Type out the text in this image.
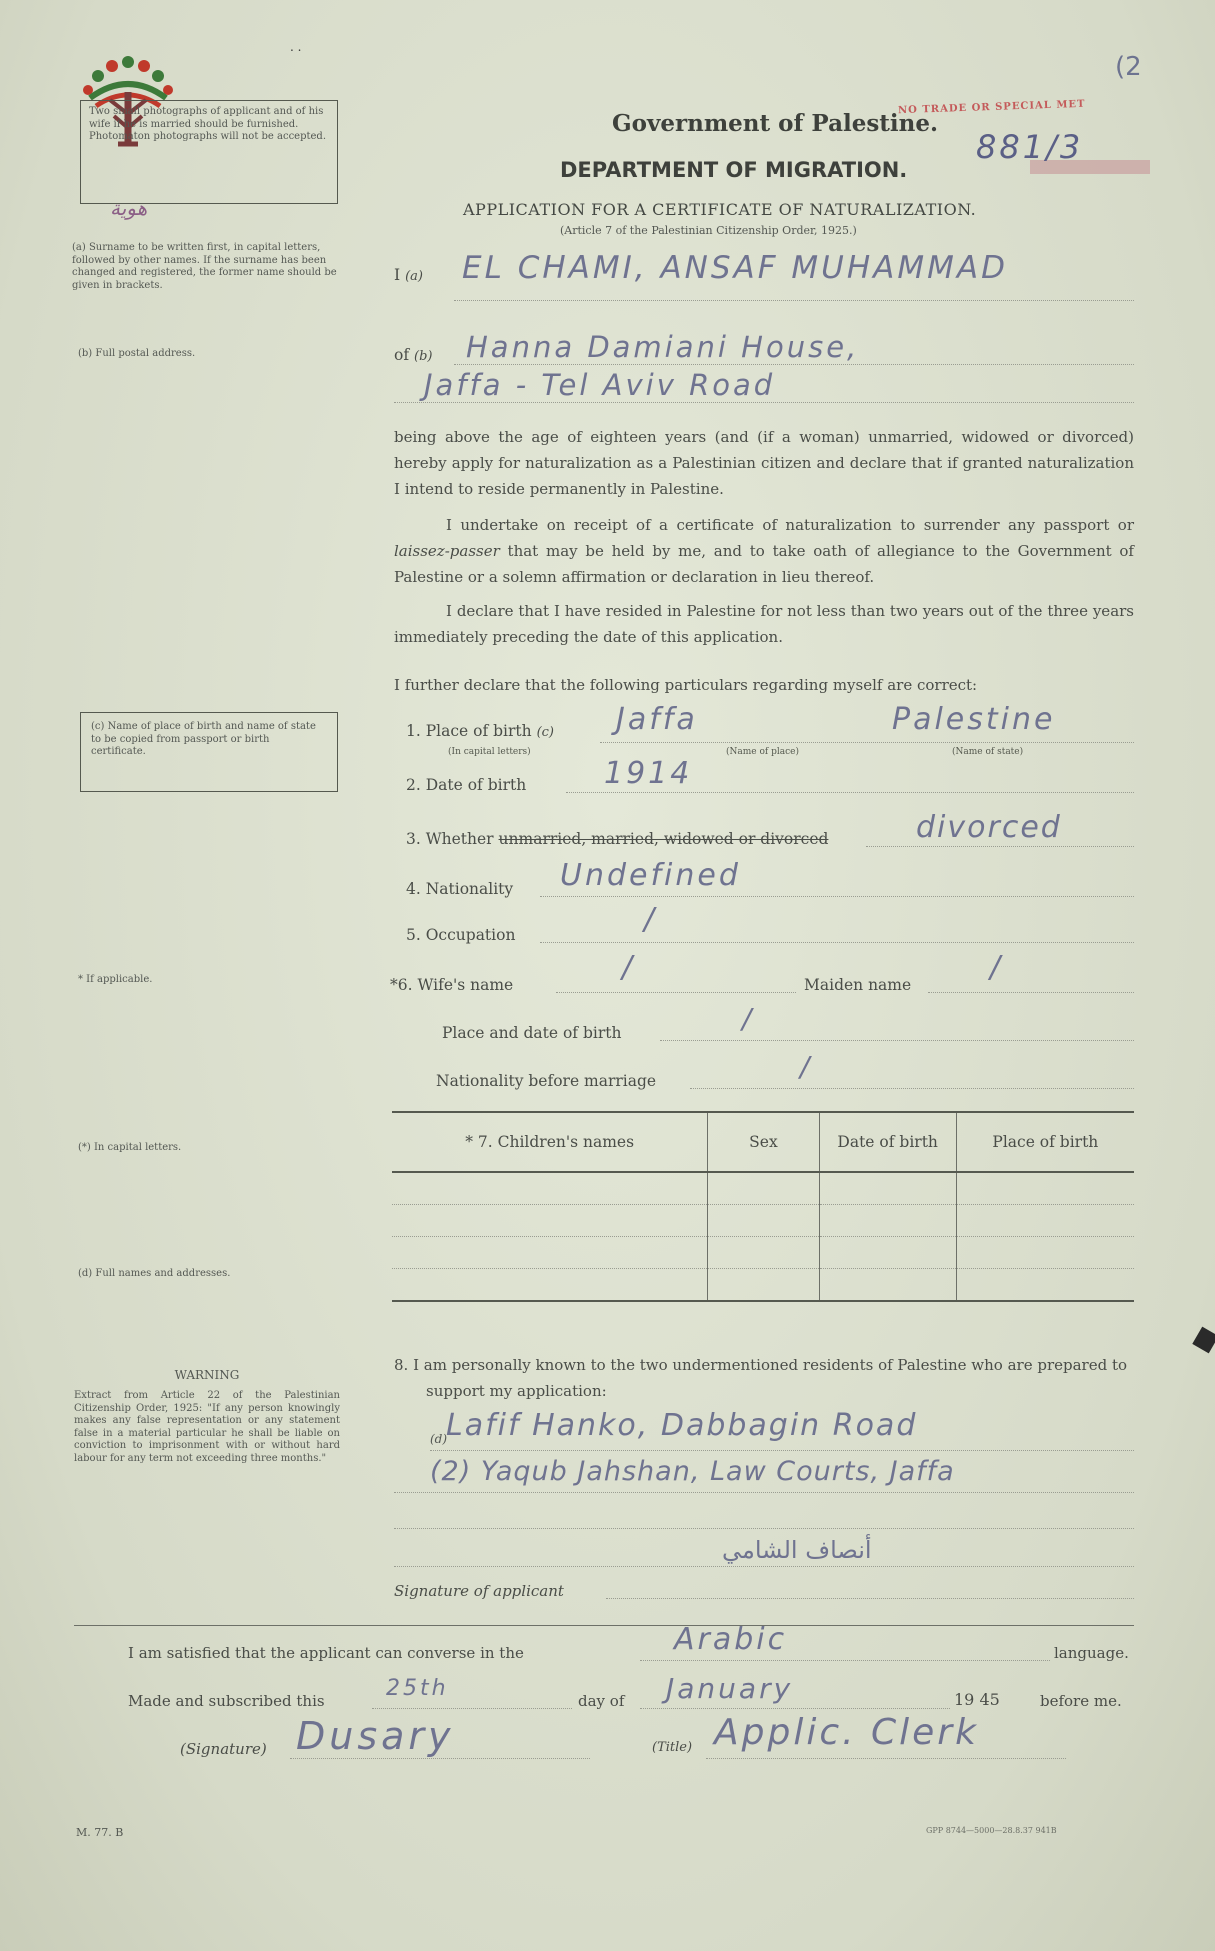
. .
(2
NO TRADE OR SPECIAL MET
Government of Palestine.
DEPARTMENT OF MIGRATION.
881/3
APPLICATION FOR A CERTIFICATE OF NATURALIZATION.
(Article 7 of the Palestinian Citizenship Order, 1925.)
Two small photographs of applicant and of his wife if he is married should be furnished. Photomaton photographs will not be accepted.
هوية
(a) Surname to be written first, in capital letters, followed by other names. If the surname has been changed and registered, the former name should be given in brackets.
(b) Full postal address.
(c) Name of place of birth and name of state to be copied from passport or birth certificate.
* If applicable.
(*) In capital letters.
(d) Full names and addresses.
WARNING
Extract from Article 22 of the Palestinian Citizenship Order, 1925: "If any person knowingly makes any false representation or any statement false in a material particular he shall be liable on conviction to imprisonment with or without hard labour for any term not exceeding three months."
I (a) EL CHAMI, ANSAF MUHAMMAD
of (b) Hanna Damiani House,
Jaffa - Tel Aviv Road
being above the age of eighteen years (and (if a woman) unmarried, widowed or divorced) hereby apply for naturalization as a Palestinian citizen and declare that if granted naturalization I intend to reside permanently in Palestine.
I undertake on receipt of a certificate of naturalization to surrender any passport or laissez-passer that may be held by me, and to take oath of allegiance to the Government of Palestine or a solemn affirmation or declaration in lieu thereof.
I declare that I have resided in Palestine for not less than two years out of the three years immediately preceding the date of this application.
I further declare that the following particulars regarding myself are correct:
1. Place of birth (c) Jaffa	Palestine
(In capital letters)	(Name of place)	(Name of state)
2. Date of birth	1914
3. Whether unmarried, married, widowed or divorced	divorced
4. Nationality Undefined
5. Occupation	/
*6. Wife's name	/	Maiden name	/
Place and date of birth	/
Nationality before marriage	/
* 7. Children's names	Sex	Date of birth	Place of birth

8. I am personally known to the two undermentioned residents of Palestine who are prepared to support my application:
(d)
Lafif Hanko, Dabbagin Road
(2) Yaqub Jahshan, Law Courts, Jaffa
أنصاف الشامي
Signature of applicant
I am satisfied that the applicant can converse in the	Arabic	language.
Made and subscribed this	25th	day of January	19 45	before me.
(Signature) Dusary	(Title) Applic. Clerk
M. 77. B	GPP 8744—5000—28.8.37 941B
